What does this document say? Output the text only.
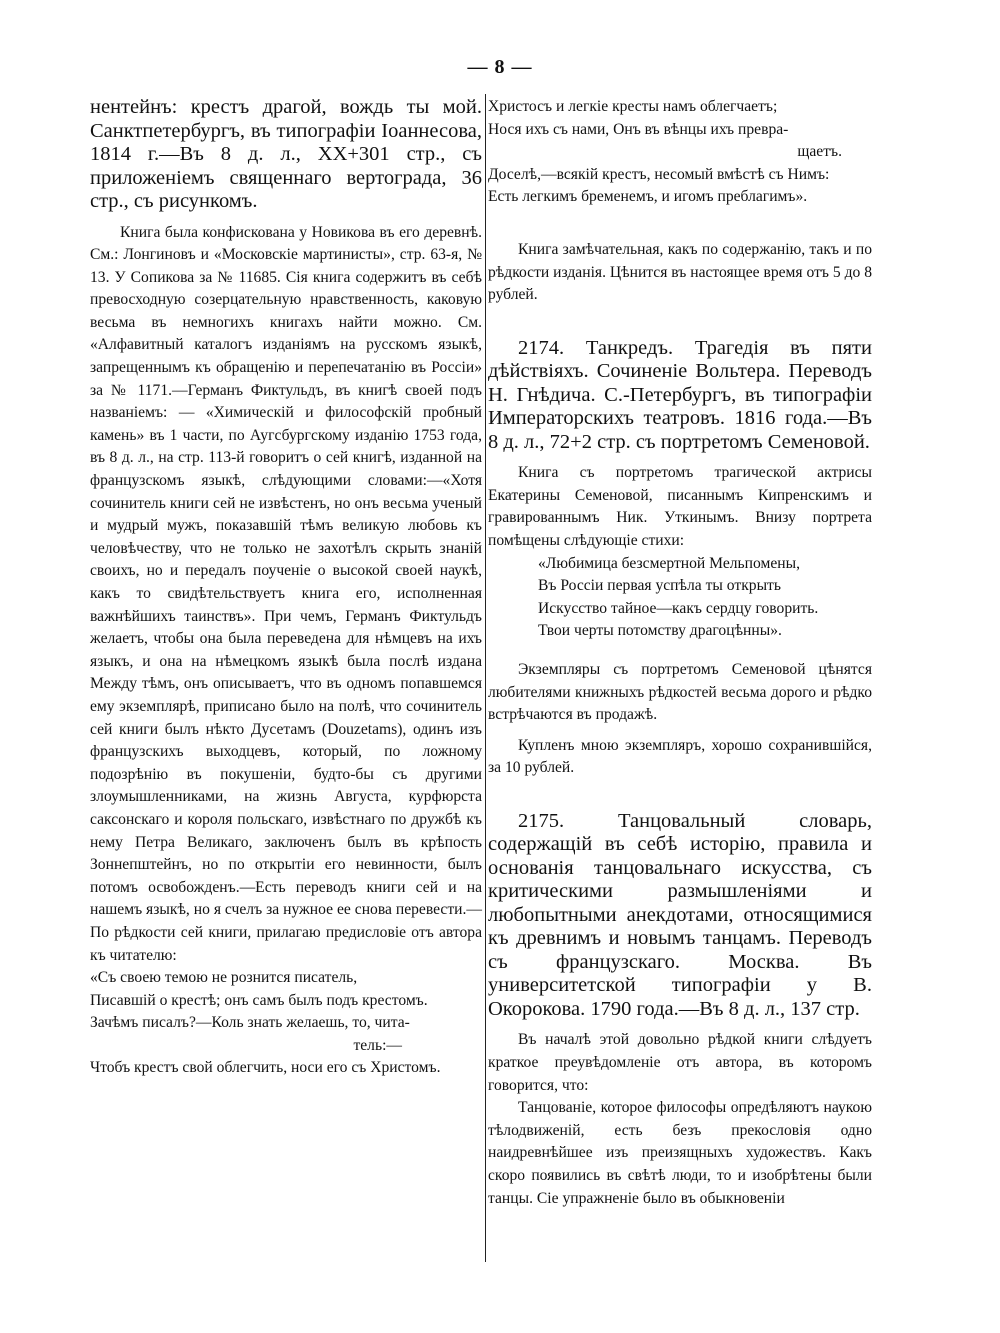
— 8 —

нентейнъ: крестъ драгой, вождь ты мой. Санктпетербургъ, въ типографіи Іоаннесова, 1814 г.—Въ 8 д. л., XX+301 стр., съ приложеніемъ священнаго вертограда, 36 стр., съ рисункомъ.

Книга была конфискована у Новикова въ его деревнѣ. См.: Лонгиновъ и «Московскіе мартинисты», стр. 63-я, № 13. У Сопикова за № 11685. Сія книга содержитъ въ себѣ превосходную созерцательную нравственность, каковую весьма въ немногихъ книгахъ найти можно. См. «Алфавитный каталогъ изданіямъ на русскомъ языкѣ, запрещеннымъ къ обращенію и перепечатанію въ Россіи» за № 1171.—Германъ Фиктульдъ, въ книгѣ своей подъ названіемъ: — «Химическій и философскій пробный камень» въ 1 части, по Аугсбургскому изданію 1753 года, въ 8 д. л., на стр. 113-й говоритъ о сей книгѣ, изданной на французскомъ языкѣ, слѣдующими словами:—«Хотя сочинитель книги сей не извѣстенъ, но онъ весьма ученый и мудрый мужъ, показавшій тѣмъ великую любовь къ человѣчеству, что не только не захотѣлъ скрыть знаній своихъ, но и передалъ поученіе о высокой своей наукѣ, какъ то свидѣтельствуетъ книга его, исполненная важнѣйшихъ таинствъ». При чемъ, Германъ Фиктульдъ желаетъ, чтобы она была переведена для нѣмцевъ на ихъ языкъ, и она на нѣмецкомъ языкѣ была послѣ издана Между тѣмъ, онъ описываетъ, что въ одномъ попавшемся ему экземплярѣ, приписано было на полѣ, что сочинитель сей книги былъ нѣкто Дусетамъ (Douzetams), одинъ изъ французскихъ выходцевъ, который, по ложному подозрѣнію въ покушеніи, будто-бы съ другими злоумышленниками, на жизнь Августа, курфюрста саксонскаго и короля польскаго, извѣстнаго по дружбѣ къ нему Петра Великаго, заключенъ былъ въ крѣпость Зоннепштейнъ, но по открытіи его невинности, былъ потомъ освобожденъ.—Есть переводъ книги сей и на нашемъ языкѣ, но я счелъ за нужное ее снова перевести.—По рѣдкости сей книги, прилагаю предисловіе отъ автора къ читателю:

«Съ своею темою не рознится писатель,
Писавшій о крестѣ; онъ самъ былъ подъ крестомъ.
Зачѣмъ писалъ?—Коль знать желаешь, то, чита-
тель:—
Чтобъ крестъ свой облегчить, носи его съ Христомъ.
Христосъ и легкіе кресты намъ облегчаетъ;
Нося ихъ съ нами, Онъ въ вѣнцы ихъ превра-
щаетъ.
Доселѣ,—всякій крестъ, несомый вмѣстѣ съ Нимъ:
Есть легкимъ бременемъ, и игомъ преблагимъ».

Книга замѣчательная, какъ по содержанію, такъ и по рѣдкости изданія. Цѣнится въ настоящее время отъ 5 до 8 рублей.

2174. Танкредъ. Трагедія въ пяти дѣйствіяхъ. Сочиненіе Вольтера. Переводъ Н. Гнѣдича. С.-Петербургъ, въ типографіи Императорскихъ театровъ. 1816 года.—Въ 8 д. л., 72+2 стр. съ портретомъ Семеновой.

Книга съ портретомъ трагической актрисы Екатерины Семеновой, писаннымъ Кипренскимъ и гравированнымъ Ник. Уткинымъ. Внизу портрета помѣщены слѣдующіе стихи:

«Любимица безсмертной Мельпомены,
Въ Россіи первая успѣла ты открыть
Искусство тайное—какъ сердцу говорить.
Твои черты потомству драгоцѣнны».

Экземпляры съ портретомъ Семеновой цѣнятся любителями книжныхъ рѣдкостей весьма дорого и рѣдко встрѣчаются въ продажѣ.

Купленъ мною экземпляръ, хорошо сохранившійся, за 10 рублей.

2175. Танцовальный словарь, содержащій въ себѣ исторію, правила и основанія танцовальнаго искусства, съ критическими размышленіями и любопытными анекдотами, относящимися къ древнимъ и новымъ танцамъ. Переводъ съ французскаго. Москва. Въ университетской типографіи у В. Окорокова. 1790 года.—Въ 8 д. л., 137 стр.

Въ началѣ этой довольно рѣдкой книги слѣдуетъ краткое преувѣдомленіе отъ автора, въ которомъ говорится, что:

Танцованіе, которое философы опредѣляютъ наукою тѣлодвиженій, есть безъ прекословія одно наидревнѣйшее изъ преизящныхъ художествъ. Какъ скоро появились въ свѣтѣ люди, то и изобрѣтены были танцы. Сіе упражненіе было въ обыкновеніи
